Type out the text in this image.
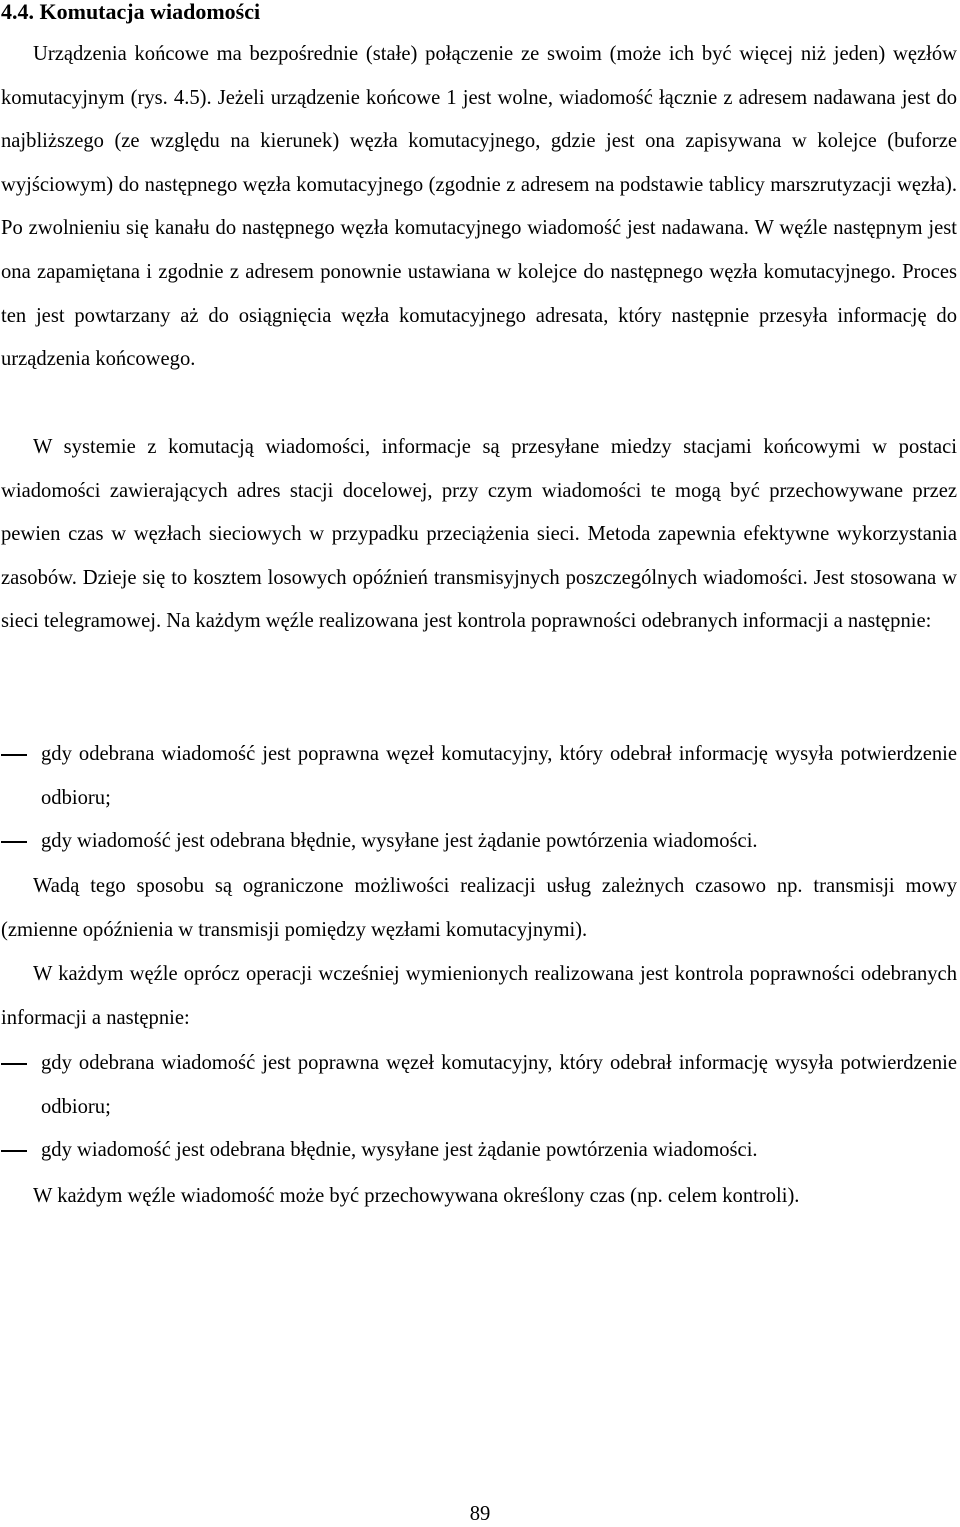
4.4. Komutacja wiadomości

Urządzenia końcowe ma bezpośrednie (stałe) połączenie ze swoim (może ich być więcej niż jeden) węzłów komutacyjnym (rys. 4.5). Jeżeli urządzenie końcowe 1 jest wolne, wiadomość łącznie z adresem nadawana jest do najbliższego (ze względu na kierunek) węzła komutacyjnego, gdzie jest ona zapisywana w kolejce (buforze wyjściowym) do następnego węzła komutacyjnego (zgodnie z adresem na podstawie tablicy marszrutyzacji węzła). Po zwolnieniu się kanału do następnego węzła komutacyjnego wiadomość jest nadawana. W węźle następnym jest ona zapamiętana i zgodnie z adresem ponownie ustawiana w kolejce do następnego węzła komutacyjnego. Proces ten jest powtarzany aż do osiągnięcia węzła komutacyjnego adresata, który następnie przesyła informację do urządzenia końcowego.

W systemie z komutacją wiadomości, informacje są przesyłane miedzy stacjami końcowymi w postaci wiadomości zawierających adres stacji docelowej, przy czym wiadomości te mogą być przechowywane przez pewien czas w węzłach sieciowych w przypadku przeciążenia sieci. Metoda zapewnia efektywne wykorzystania zasobów. Dzieje się to kosztem losowych opóźnień transmisyjnych poszczególnych wiadomości. Jest stosowana w sieci telegramowej. Na każdym węźle realizowana jest kontrola poprawności odebranych informacji a następnie:

gdy odebrana wiadomość jest poprawna węzeł komutacyjny, który odebrał informację wysyła potwierdzenie odbioru;
gdy wiadomość jest odebrana błędnie, wysyłane jest żądanie powtórzenia wiadomości.

Wadą tego sposobu są ograniczone możliwości realizacji usług zależnych czasowo np. transmisji mowy (zmienne opóźnienia w transmisji pomiędzy węzłami komutacyjnymi).

W każdym węźle oprócz operacji wcześniej wymienionych realizowana jest kontrola poprawności odebranych informacji a następnie:

gdy odebrana wiadomość jest poprawna węzeł komutacyjny, który odebrał informację wysyła potwierdzenie odbioru;
gdy wiadomość jest odebrana błędnie, wysyłane jest żądanie powtórzenia wiadomości.

W każdym węźle wiadomość może być przechowywana określony czas (np. celem kontroli).

89
